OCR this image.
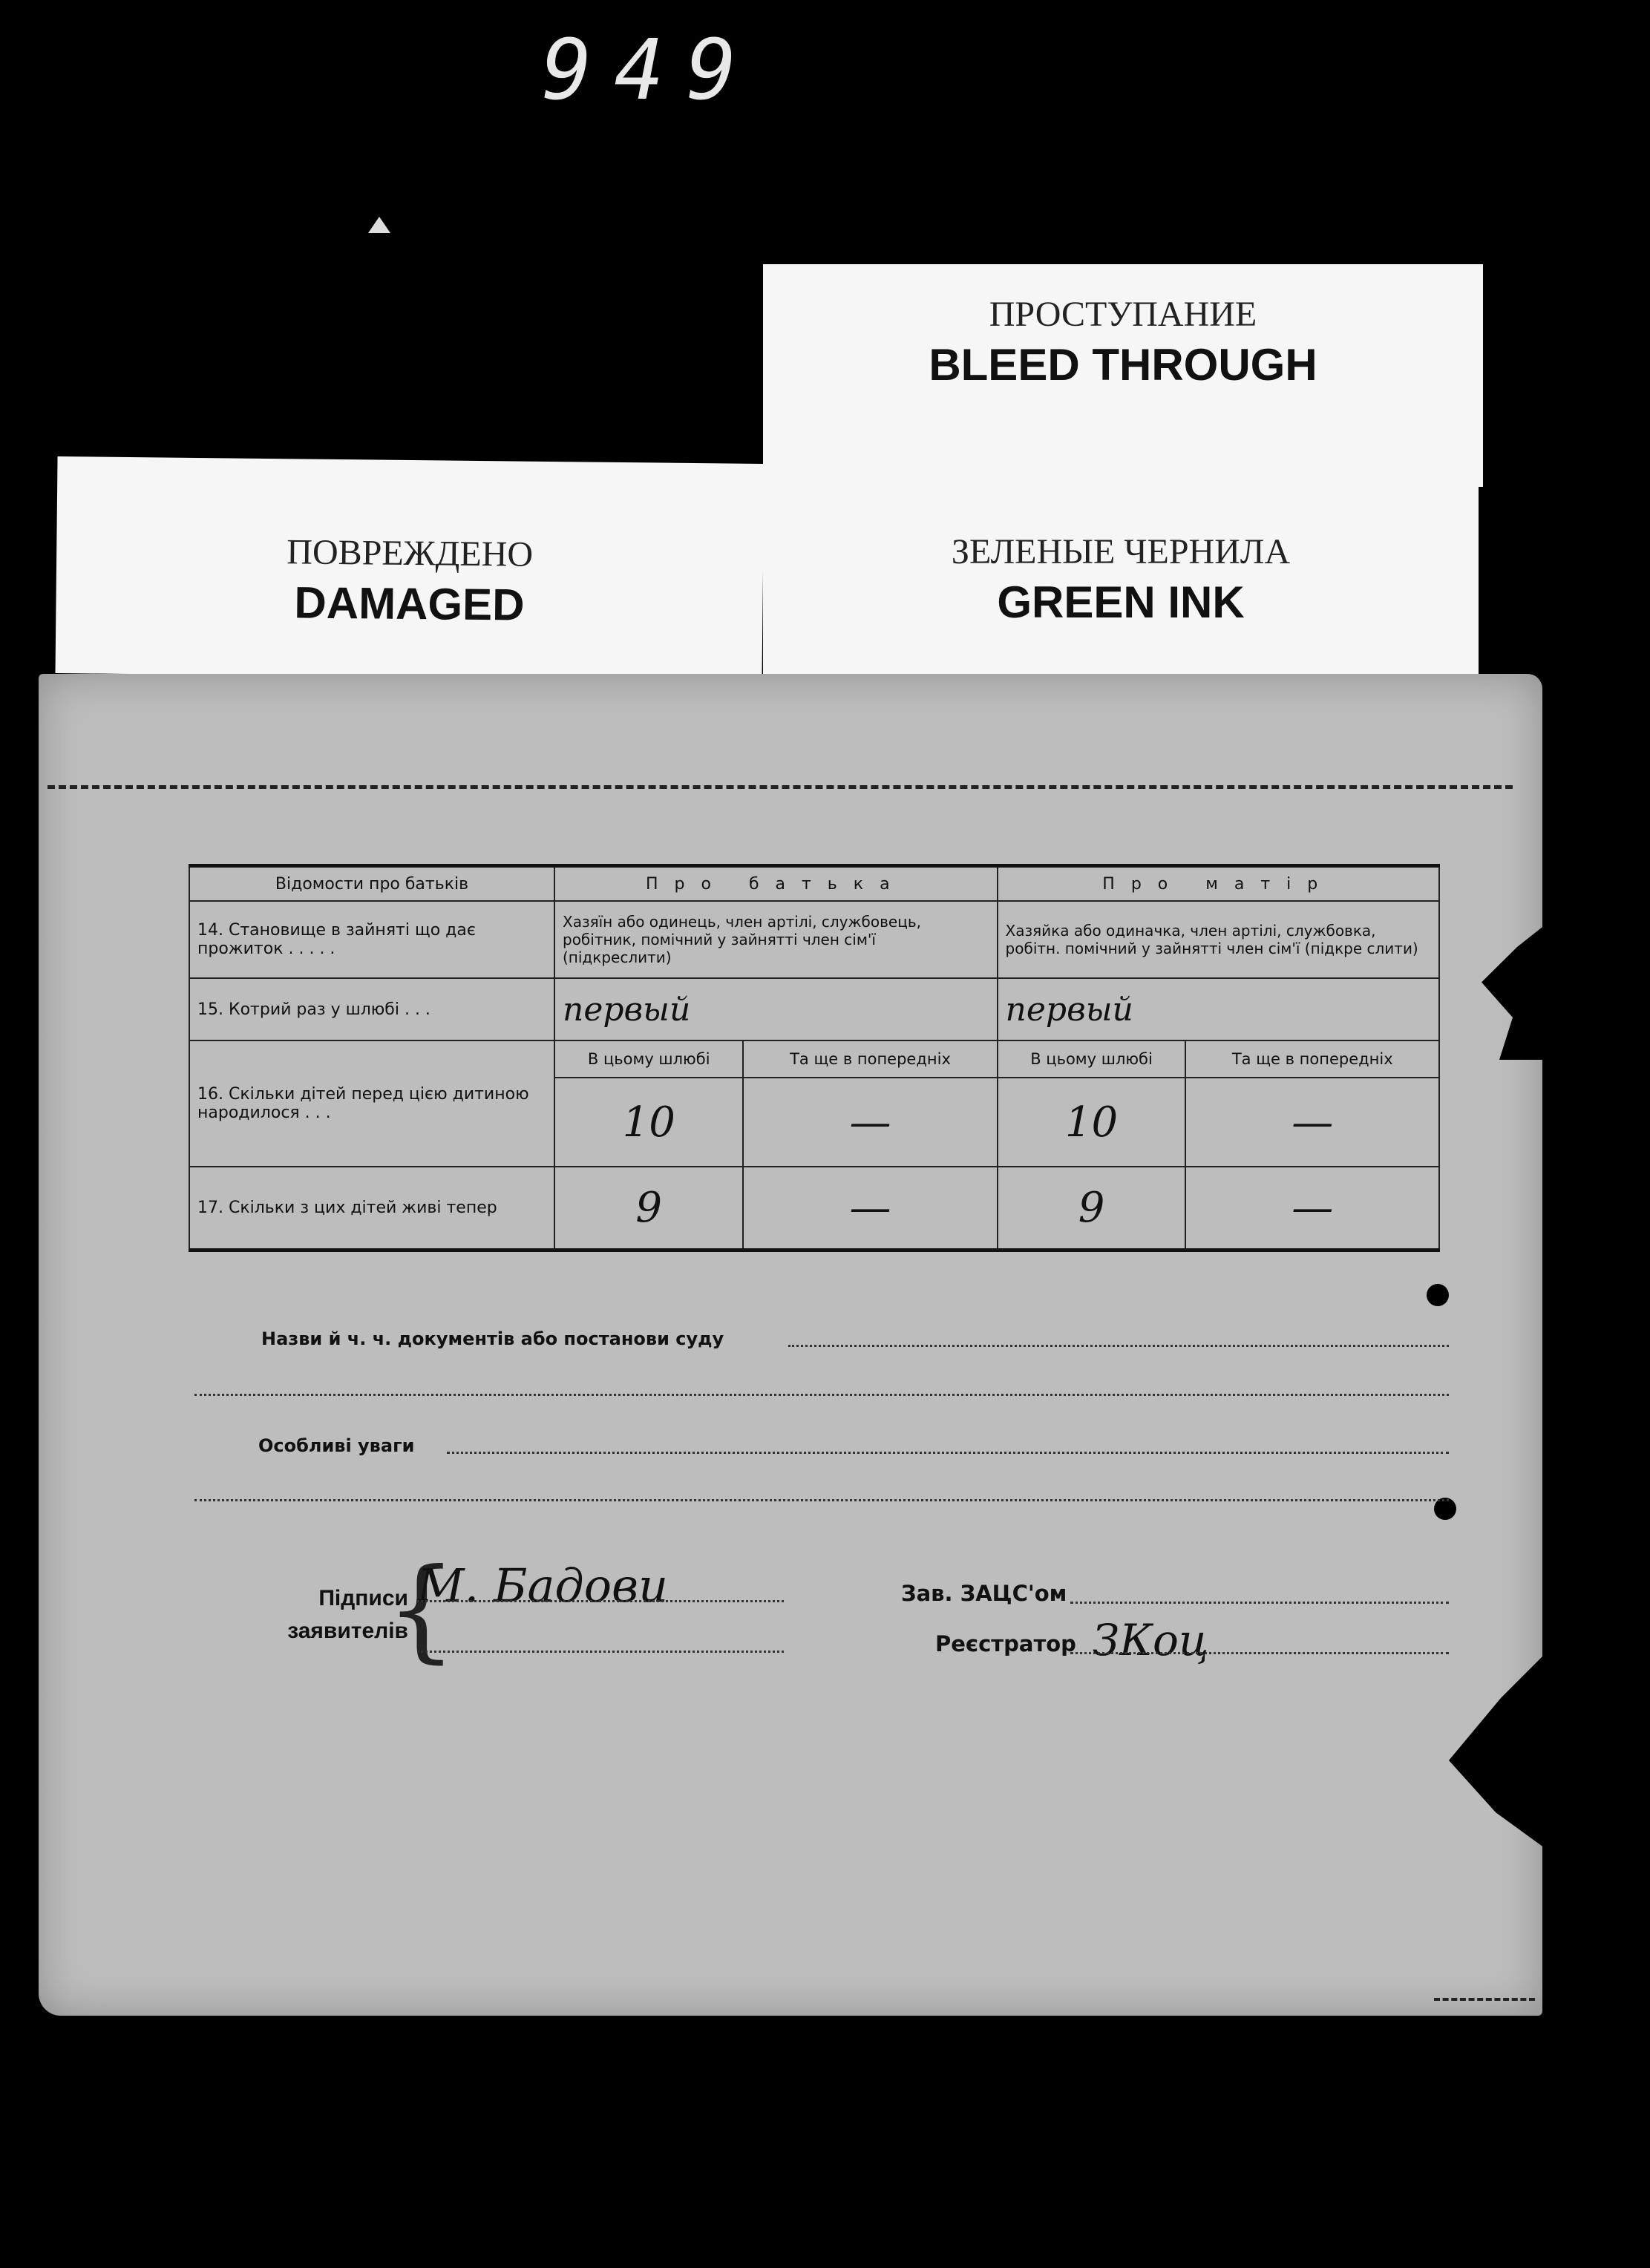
949
ПРОСТУПАНИЕ
BLEED THROUGH
ПОВРЕЖДЕНО
DAMAGED
ЗЕЛЕНЫЕ ЧЕРНИЛА
GREEN INK
Відомости про батьків	Про батька		Про матір	
14. Становище в зайнятi що дає прожиток . . . . .	Хазяїн або одинець, член артілі, службовець, робітник, помічний у зайнятті член сім'ї (підкреслити)		Хазяйка або одиначка, член артілі, службовка, робітн. помічний у зайнятті член сім'ї (підкре слити)	
15. Котрий раз у шлюбі . . .	первый		первый	
16. Скільки дітей перед цією дитиною народилося . . .	В цьому шлюбі	Та ще в попередніх	В цьому шлюбі	Та ще в попередніх
	10	—	10	—
17. Скільки з цих дітей живі тепер	9	—	9	—
Назви й ч. ч. документів або постанови суду
Особливі уваги
Підписи
заявителів
{
М. Бадови	Зав. ЗАЦС'ом
Реєстратор ЗКоц
